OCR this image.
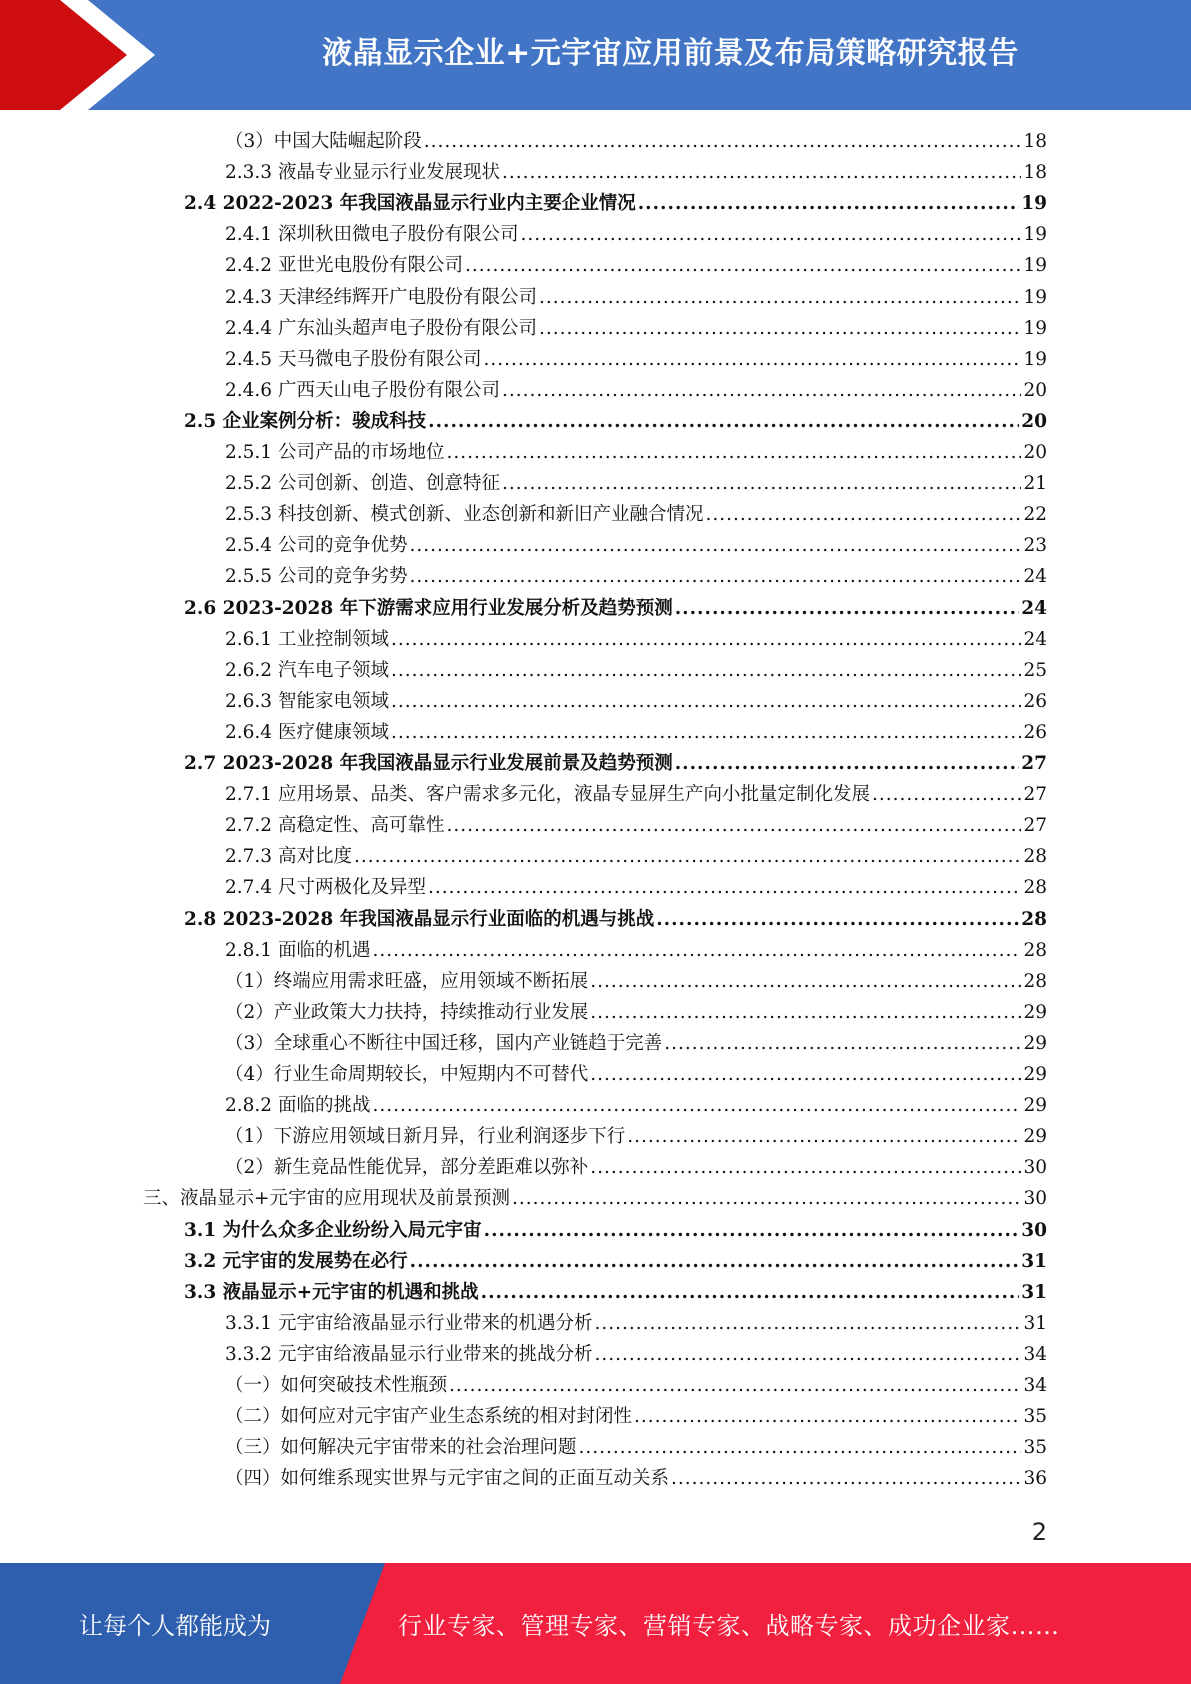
液晶显示企业+元宇宙应用前景及布局策略研究报告
（3）中国大陆崛起阶段 .....	18
2.3.3 液晶专业显示行业发展现状 .....	18
2.4 2022-2023 年我国液晶显示行业内主要企业情况 .....	19
2.4.1 深圳秋田微电子股份有限公司 .....	19
2.4.2 亚世光电股份有限公司 .....	19
2.4.3 天津经纬辉开广电股份有限公司 .....	19
2.4.4 广东汕头超声电子股份有限公司 .....	19
2.4.5 天马微电子股份有限公司 .....	19
2.4.6 广西天山电子股份有限公司 .....	20
2.5 企业案例分析：骏成科技 .....	20
2.5.1 公司产品的市场地位 .....	20
2.5.2 公司创新、创造、创意特征 .....	21
2.5.3 科技创新、模式创新、业态创新和新旧产业融合情况 .....	22
2.5.4 公司的竞争优势 .....	23
2.5.5 公司的竞争劣势 .....	24
2.6 2023-2028 年下游需求应用行业发展分析及趋势预测 .....	24
2.6.1 工业控制领域 .....	24
2.6.2 汽车电子领域 .....	25
2.6.3 智能家电领域 .....	26
2.6.4 医疗健康领域 .....	26
2.7 2023-2028 年我国液晶显示行业发展前景及趋势预测 .....	27
2.7.1 应用场景、品类、客户需求多元化，液晶专显屏生产向小批量定制化发展 .....	27
2.7.2 高稳定性、高可靠性 .....	27
2.7.3 高对比度 .....	28
2.7.4 尺寸两极化及异型 .....	28
2.8 2023-2028 年我国液晶显示行业面临的机遇与挑战 .....	28
2.8.1 面临的机遇 .....	28
（1）终端应用需求旺盛，应用领域不断拓展 .....	28
（2）产业政策大力扶持，持续推动行业发展 .....	29
（3）全球重心不断往中国迁移，国内产业链趋于完善 .....	29
（4）行业生命周期较长，中短期内不可替代 .....	29
2.8.2 面临的挑战 .....	29
（1）下游应用领域日新月异，行业利润逐步下行 .....	29
（2）新生竞品性能优异，部分差距难以弥补 .....	30
三、液晶显示+元宇宙的应用现状及前景预测 .....	30
3.1 为什么众多企业纷纷入局元宇宙 .....	30
3.2 元宇宙的发展势在必行 .....	31
3.3 液晶显示+元宇宙的机遇和挑战 .....	31
3.3.1 元宇宙给液晶显示行业带来的机遇分析 .....	31
3.3.2 元宇宙给液晶显示行业带来的挑战分析 .....	34
（一）如何突破技术性瓶颈 .....	34
（二）如何应对元宇宙产业生态系统的相对封闭性 .....	35
（三）如何解决元宇宙带来的社会治理问题 .....	35
（四）如何维系现实世界与元宇宙之间的正面互动关系 .....	36
2
让每个人都能成为	行业专家、管理专家、营销专家、战略专家、成功企业家……
